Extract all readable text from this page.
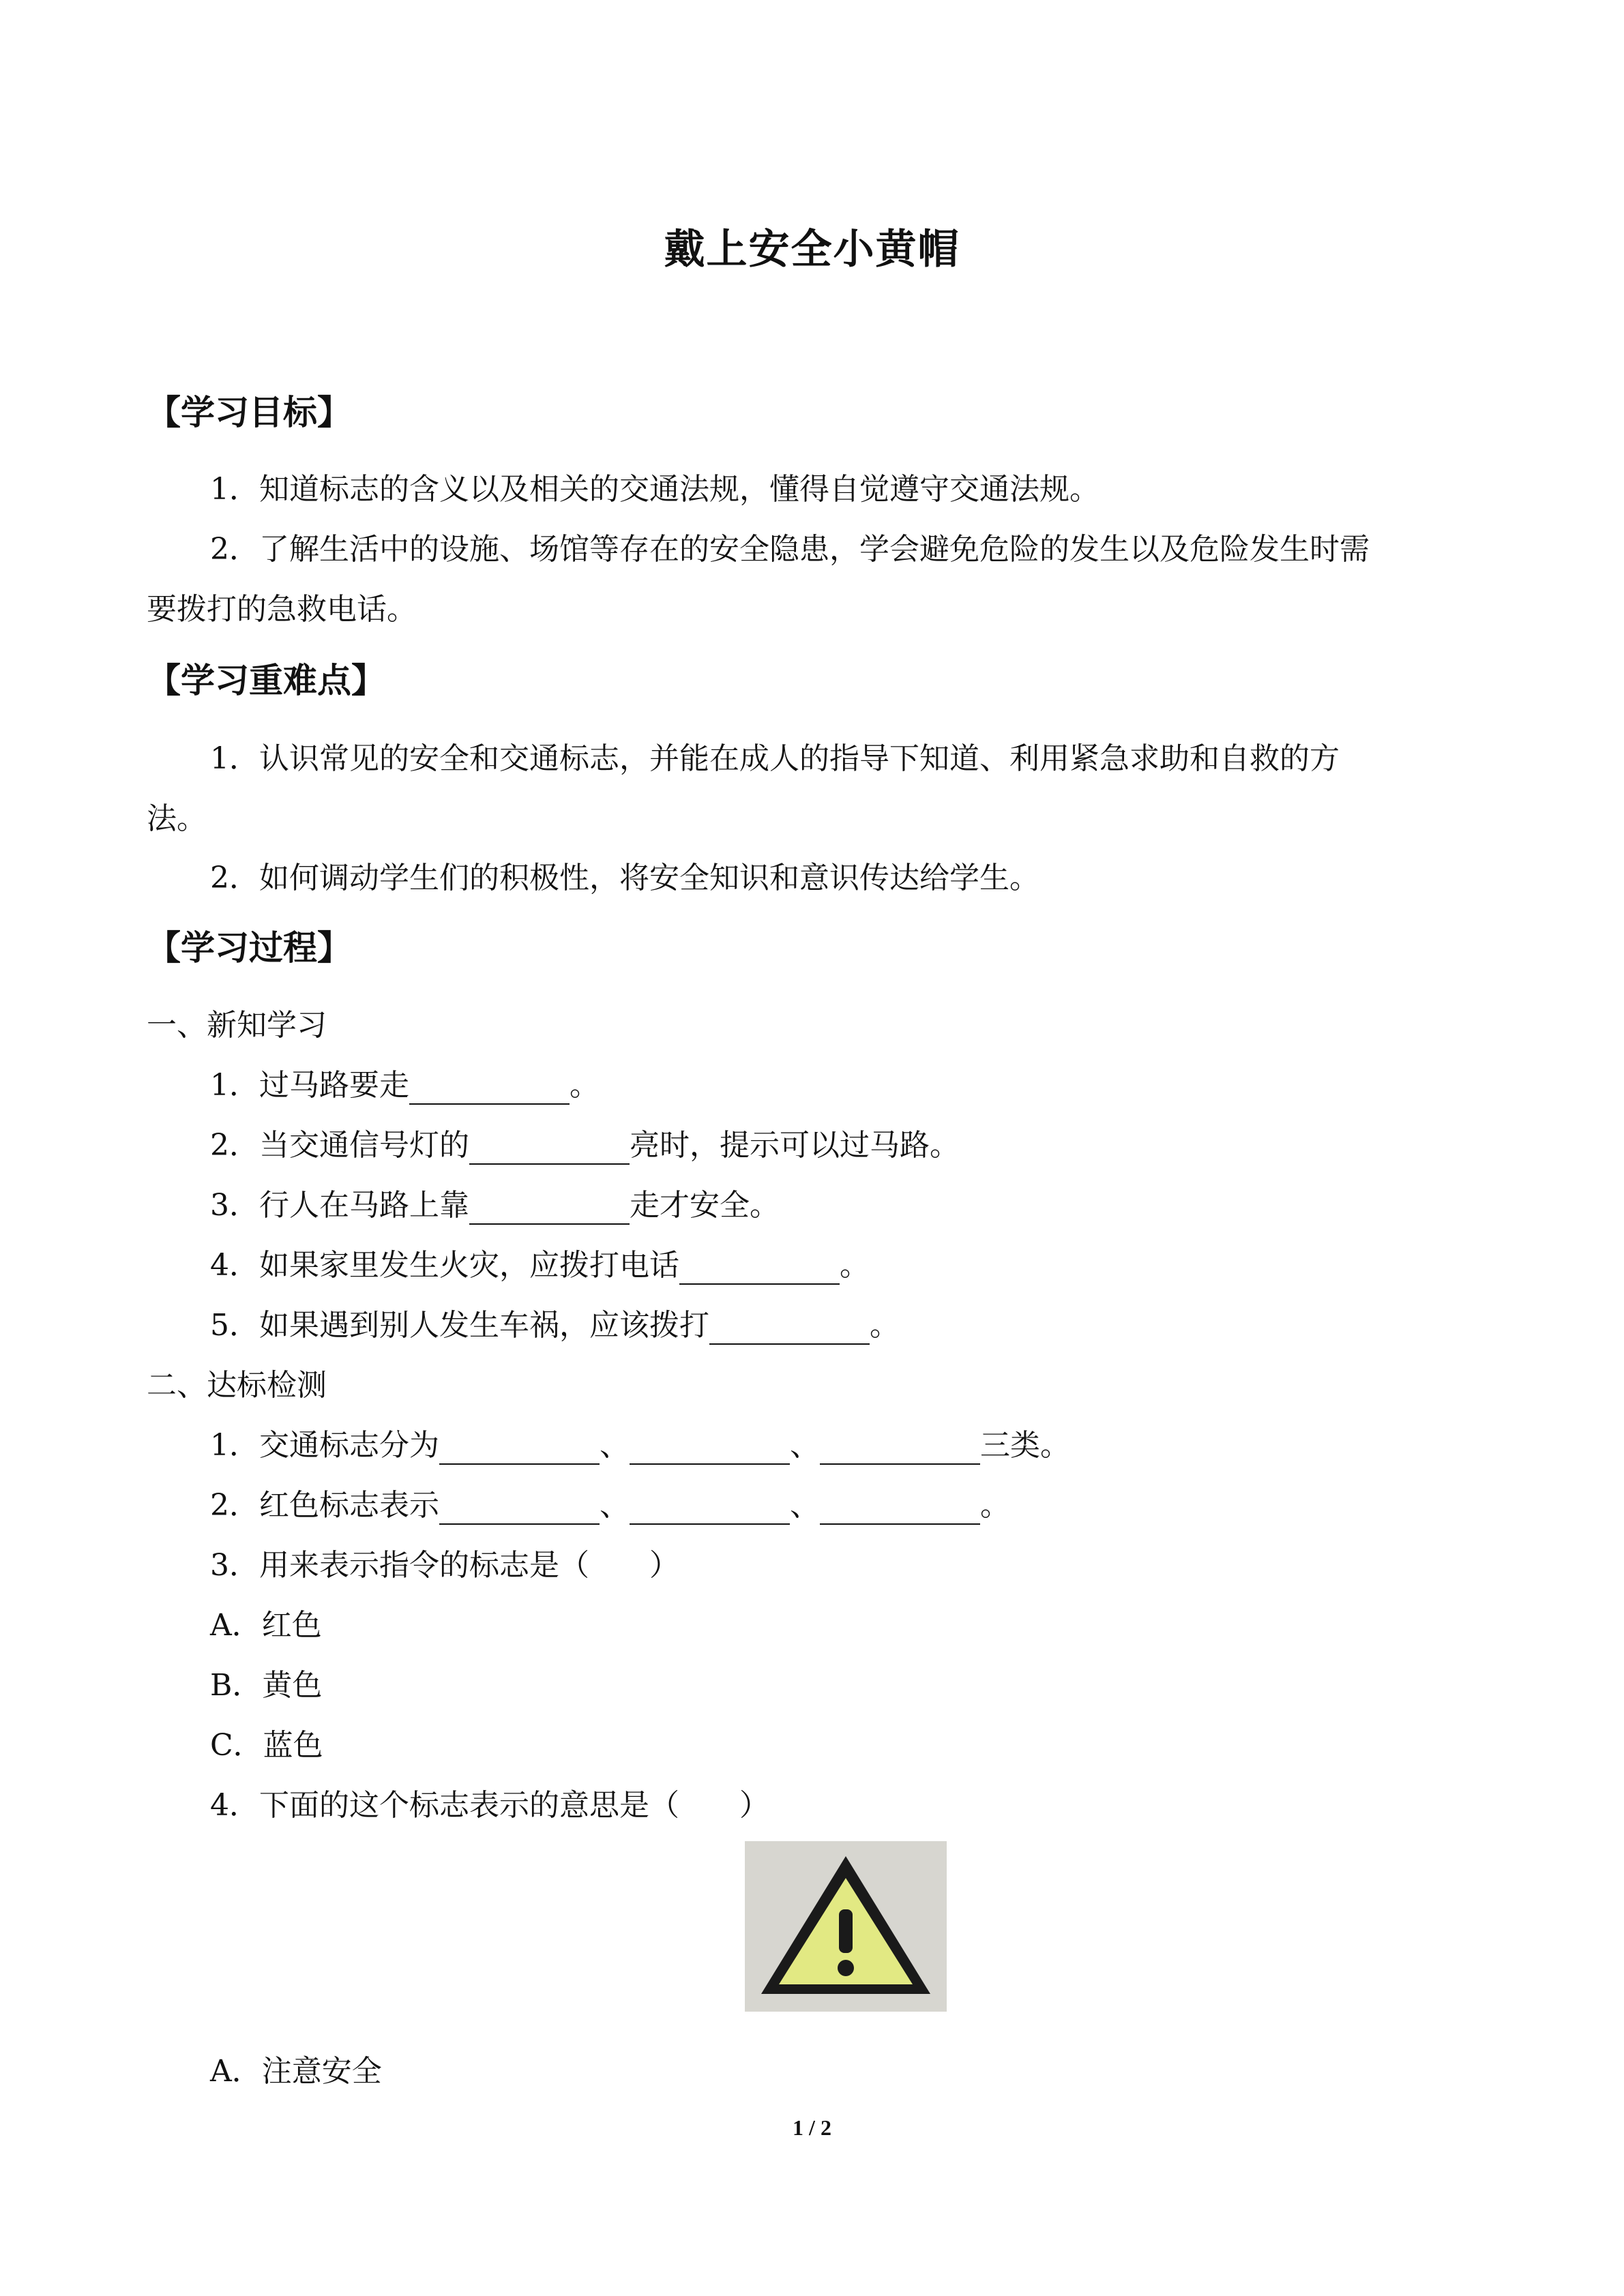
戴上安全小黄帽
【学习目标】
1．知道标志的含义以及相关的交通法规，懂得自觉遵守交通法规。
2．了解生活中的设施、场馆等存在的安全隐患，学会避免危险的发生以及危险发生时需
要拨打的急救电话。
【学习重难点】
1．认识常见的安全和交通标志，并能在成人的指导下知道、利用紧急求助和自救的方
法。
2．如何调动学生们的积极性，将安全知识和意识传达给学生。
【学习过程】
一、新知学习
1．过马路要走	。
2．当交通信号灯的	亮时，提示可以过马路。
3．行人在马路上靠	走才安全。
4．如果家里发生火灾，应拨打电话	。
5．如果遇到别人发生车祸，应该拨打	。
二、达标检测
1．交通标志分为	、	、	三类。
2．红色标志表示	、	、	。
3．用来表示指令的标志是（　　）
A．红色
B．黄色
C．蓝色
4．下面的这个标志表示的意思是（　　）
A．注意安全
1 / 2
